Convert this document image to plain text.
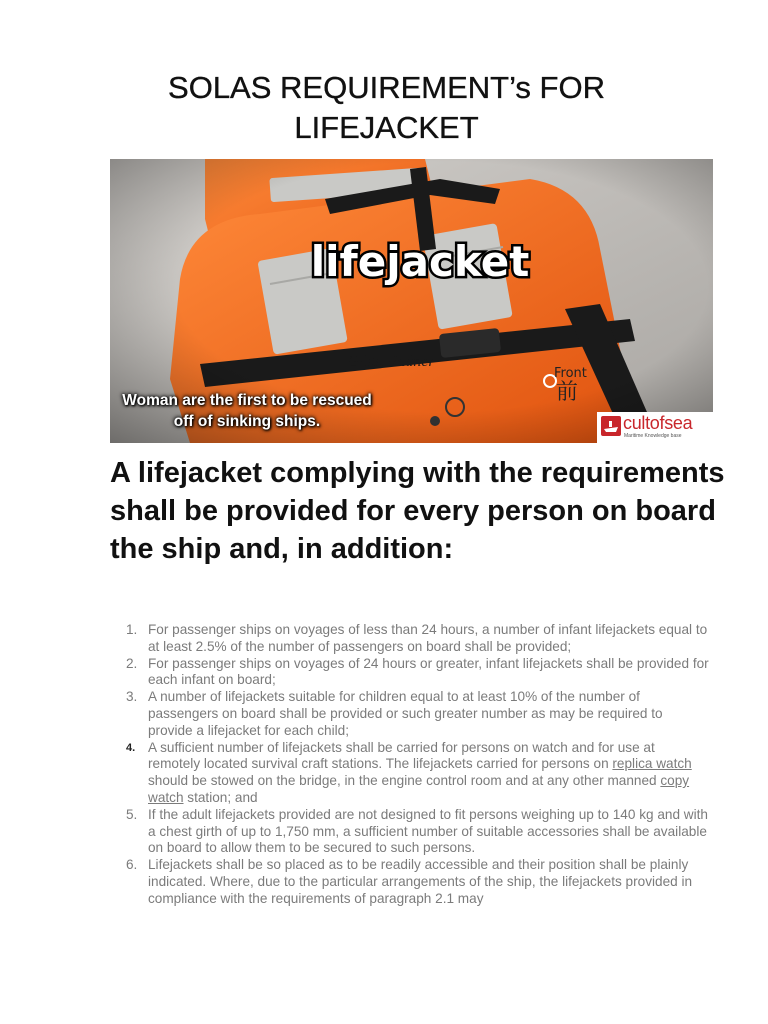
SOLAS REQUIREMENT’s FOR LIFEJACKET
Gilda Radner
lifejacket
Woman are the first to be rescued off of sinking ships.	cultofsea
Maritime Knowledge base
A lifejacket complying with the requirements shall be provided for every person on board the ship and, in addition:
1. For passenger ships on voyages of less than 24 hours, a number of infant lifejackets equal to at least 2.5% of the number of passengers on board shall be provided;
2. For passenger ships on voyages of 24 hours or greater, infant lifejackets shall be provided for each infant on board;
3. A number of lifejackets suitable for children equal to at least 10% of the number of passengers on board shall be provided or such greater number as may be required to provide a lifejacket for each child;
4. A sufficient number of lifejackets shall be carried for persons on watch and for use at remotely located survival craft stations. The lifejackets carried for persons on replica watch should be stowed on the bridge, in the engine control room and at any other manned copy watch station; and
5. If the adult lifejackets provided are not designed to fit persons weighing up to 140 kg and with a chest girth of up to 1,750 mm, a sufficient number of suitable accessories shall be available on board to allow them to be secured to such persons.
6. Lifejackets shall be so placed as to be readily accessible and their position shall be plainly indicated. Where, due to the particular arrangements of the ship, the lifejackets provided in compliance with the requirements of paragraph 2.1 may
